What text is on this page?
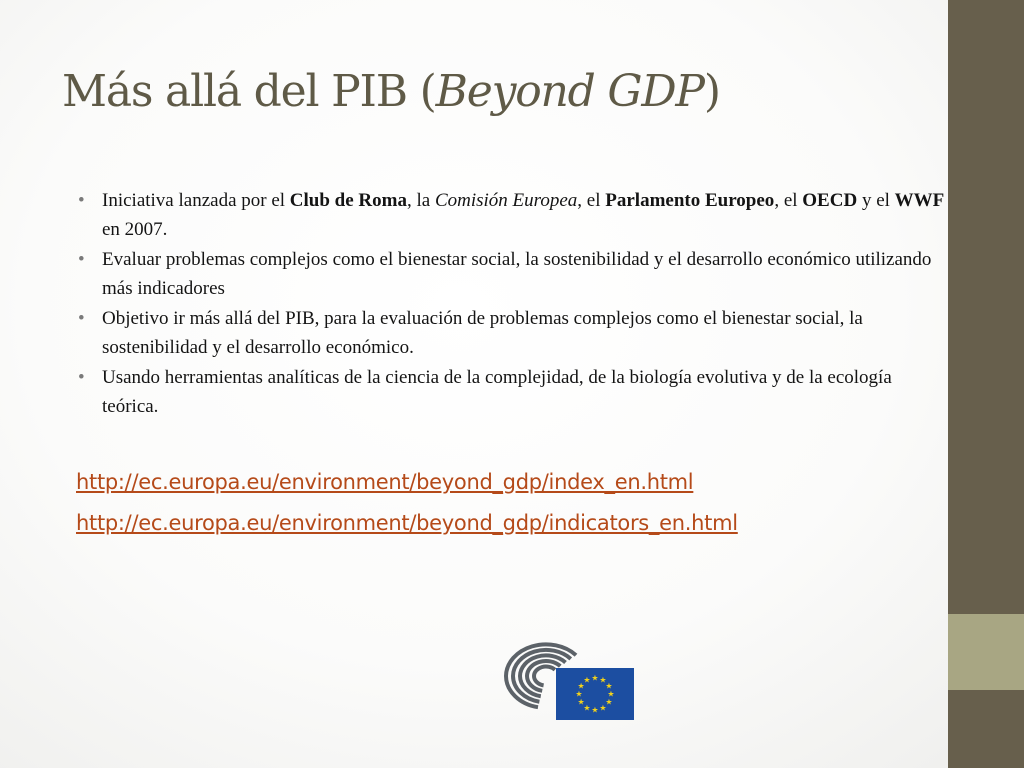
Más allá del PIB (Beyond GDP)
• Iniciativa lanzada por el Club de Roma, la Comisión Europea, el Parlamento Europeo, el OECD y el WWF en 2007.
• Evaluar problemas complejos como el bienestar social, la sostenibilidad y el desarrollo económico utilizando más indicadores
• Objetivo ir más allá del PIB, para la evaluación de problemas complejos como el bienestar social, la sostenibilidad y el desarrollo económico.
• Usando herramientas analíticas de la ciencia de la complejidad, de la biología evolutiva y de la ecología teórica.
http://ec.europa.eu/environment/beyond_gdp/index_en.html
http://ec.europa.eu/environment/beyond_gdp/indicators_en.html
★ ★
★
★
★
★
★
★
★
★
★
★
